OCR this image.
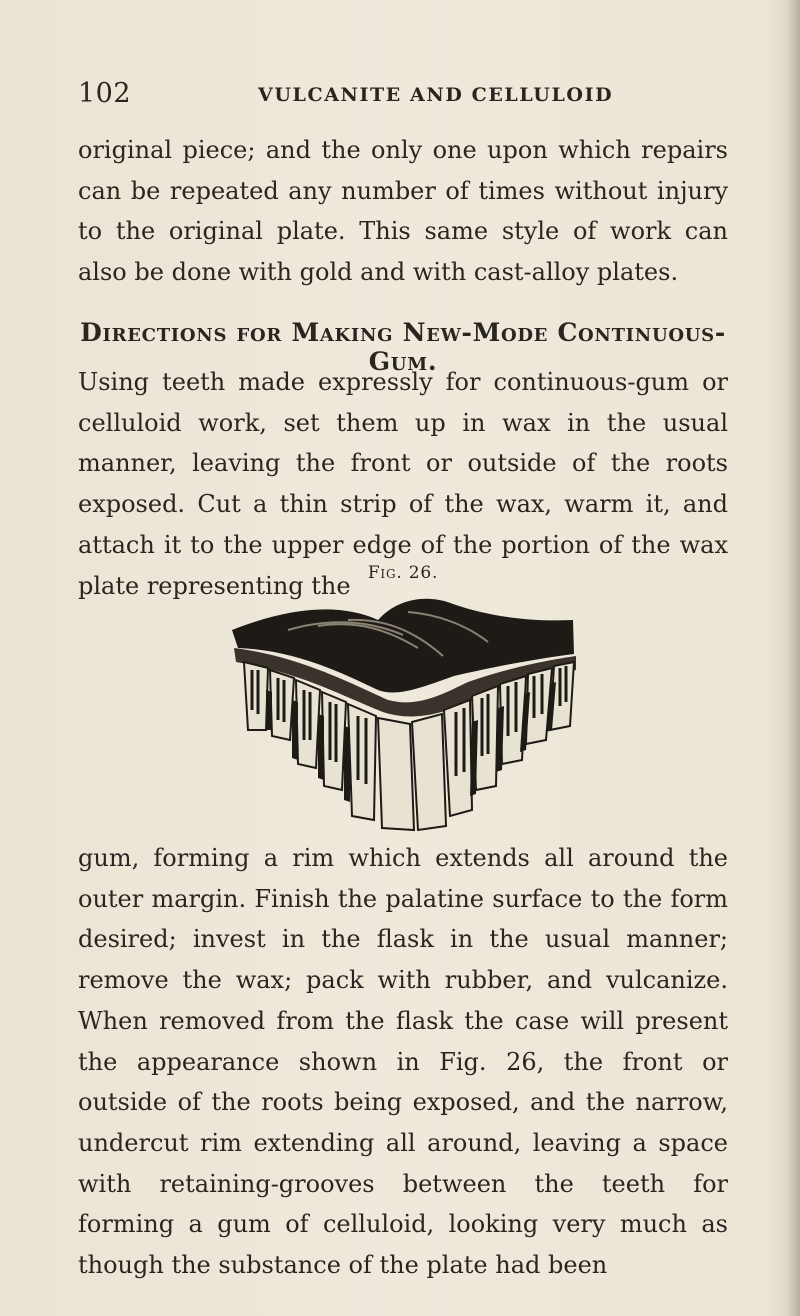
102	VULCANITE AND CELLULOID

original piece; and the only one upon which repairs can be repeated any number of times without injury to the original plate. This same style of work can also be done with gold and with cast-alloy plates.

Directions for Making New-Mode Continuous-Gum.

Using teeth made expressly for continuous-gum or celluloid work, set them up in wax in the usual manner, leaving the front or outside of the roots exposed. Cut a thin strip of the wax, warm it, and attach it to the upper edge of the portion of the wax plate representing the	Fig. 26.

gum, forming a rim which extends all around the outer margin. Finish the palatine surface to the form desired; invest in the flask in the usual manner; remove the wax; pack with rubber, and vulcanize. When removed from the flask the case will present the appearance shown in Fig. 26, the front or outside of the roots being exposed, and the narrow, undercut rim extending all around, leaving a space with retaining-grooves between the teeth for forming a gum of celluloid, looking very much as though the substance of the plate had been
